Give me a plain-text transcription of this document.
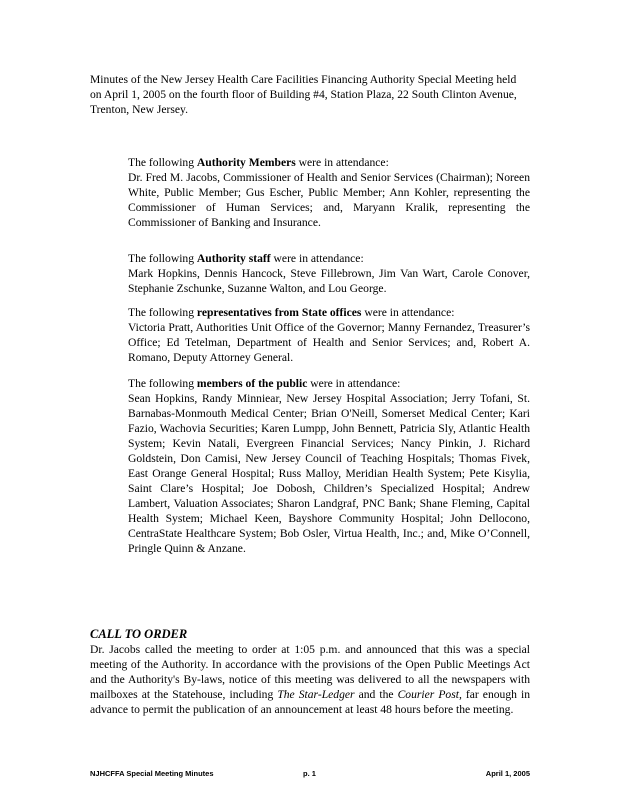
Minutes of the New Jersey Health Care Facilities Financing Authority Special Meeting held on April 1, 2005 on the fourth floor of Building #4, Station Plaza, 22 South Clinton Avenue, Trenton, New Jersey.

The following Authority Members were in attendance:

Dr. Fred M. Jacobs, Commissioner of Health and Senior Services (Chairman); Noreen White, Public Member; Gus Escher, Public Member; Ann Kohler, representing the Commissioner of Human Services; and, Maryann Kralik, representing the Commissioner of Banking and Insurance.

The following Authority staff were in attendance:

Mark Hopkins, Dennis Hancock, Steve Fillebrown, Jim Van Wart, Carole Conover, Stephanie Zschunke, Suzanne Walton, and Lou George.

The following representatives from State offices were in attendance:

Victoria Pratt, Authorities Unit Office of the Governor; Manny Fernandez, Treasurer’s Office; Ed Tetelman, Department of Health and Senior Services; and, Robert A. Romano, Deputy Attorney General.

The following members of the public were in attendance:

Sean Hopkins, Randy Minniear, New Jersey Hospital Association; Jerry Tofani, St. Barnabas-Monmouth Medical Center; Brian O'Neill, Somerset Medical Center; Kari Fazio, Wachovia Securities; Karen Lumpp, John Bennett, Patricia Sly, Atlantic Health System; Kevin Natali, Evergreen Financial Services; Nancy Pinkin, J. Richard Goldstein, Don Camisi, New Jersey Council of Teaching Hospitals; Thomas Fivek, East Orange General Hospital; Russ Malloy, Meridian Health System; Pete Kisylia, Saint Clare’s Hospital; Joe Dobosh, Children’s Specialized Hospital; Andrew Lambert, Valuation Associates; Sharon Landgraf, PNC Bank; Shane Fleming, Capital Health System; Michael Keen, Bayshore Community Hospital; John Dellocono, CentraState Healthcare System; Bob Osler, Virtua Health, Inc.; and, Mike O’Connell, Pringle Quinn & Anzane.

CALL TO ORDER

Dr. Jacobs called the meeting to order at 1:05 p.m. and announced that this was a special meeting of the Authority. In accordance with the provisions of the Open Public Meetings Act and the Authority's By-laws, notice of this meeting was delivered to all the newspapers with mailboxes at the Statehouse, including The Star-Ledger and the Courier Post, far enough in advance to permit the publication of an announcement at least 48 hours before the meeting.

NJHCFFA Special Meeting Minutes	p. 1	April 1, 2005
